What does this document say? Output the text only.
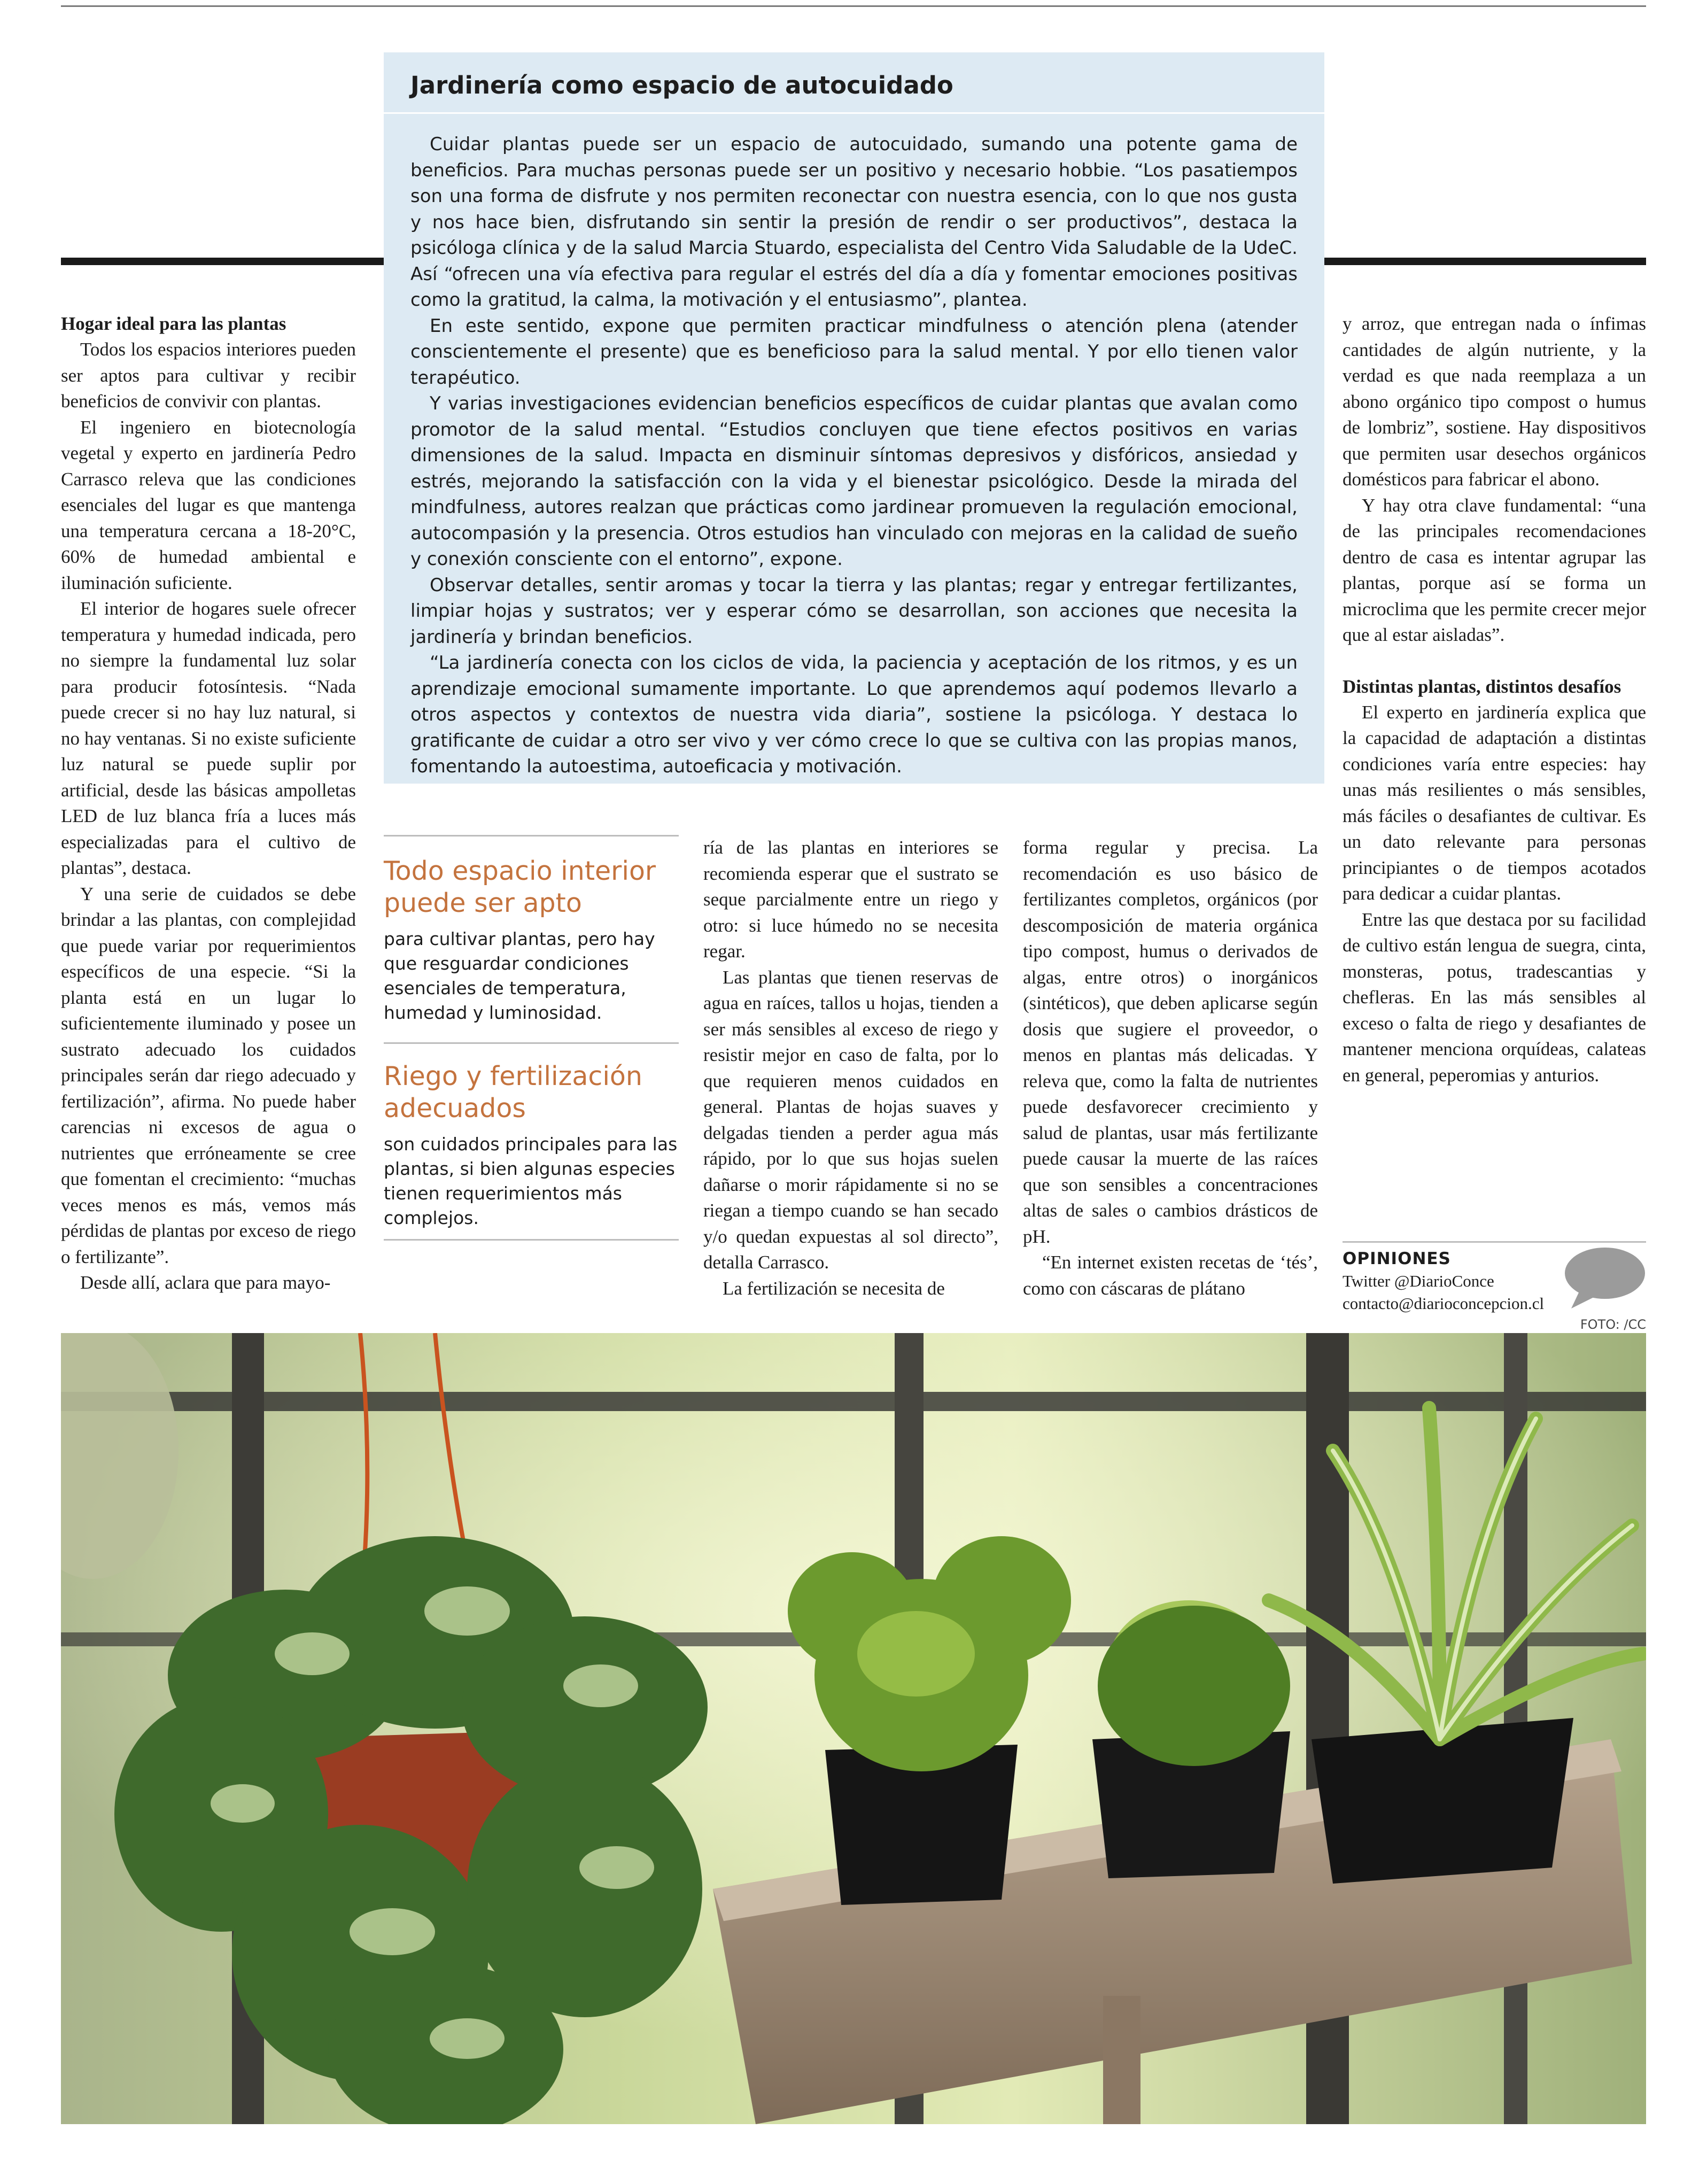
Jardinería como espacio de autocuidado

Cuidar plantas puede ser un espacio de autocuidado, sumando una potente gama de beneficios. Para muchas personas puede ser un positivo y necesario hobbie. “Los pasatiempos son una forma de disfrute y nos permiten reconectar con nuestra esencia, con lo que nos gusta y nos hace bien, disfrutando sin sentir la presión de rendir o ser productivos”, destaca la psicóloga clínica y de la salud Marcia Stuardo, especialista del Centro Vida Saludable de la UdeC. Así “ofrecen una vía efectiva para regular el estrés del día a día y fomentar emociones positivas como la gratitud, la calma, la motivación y el entusiasmo”, plantea.

En este sentido, expone que permiten practicar mindfulness o atención plena (atender conscientemente el presente) que es beneficioso para la salud mental. Y por ello tienen valor terapéutico.

Y varias investigaciones evidencian beneficios específicos de cuidar plantas que avalan como promotor de la salud mental. “Estudios concluyen que tiene efectos positivos en varias dimensiones de la salud. Impacta en disminuir síntomas depresivos y disfóricos, ansiedad y estrés, mejorando la satisfacción con la vida y el bienestar psicológico. Desde la mirada del mindfulness, autores realzan que prácticas como jardinear promueven la regulación emocional, autocompasión y la presencia. Otros estudios han vinculado con mejoras en la calidad de sueño y conexión consciente con el entorno”, expone.

Observar detalles, sentir aromas y tocar la tierra y las plantas; regar y entregar fertilizantes, limpiar hojas y sustratos; ver y esperar cómo se desarrollan, son acciones que necesita la jardinería y brindan beneficios.

“La jardinería conecta con los ciclos de vida, la paciencia y aceptación de los ritmos, y es un aprendizaje emocional sumamente importante. Lo que aprendemos aquí podemos llevarlo a otros aspectos y contextos de nuestra vida diaria”, sostiene la psicóloga. Y destaca lo gratificante de cuidar a otro ser vivo y ver cómo crece lo que se cultiva con las propias manos, fomentando la autoestima, autoeficacia y motivación.

Hogar ideal para las plantas

Todos los espacios interiores pueden ser aptos para cultivar y recibir beneficios de convivir con plantas.

El ingeniero en biotecnología vegetal y experto en jardinería Pedro Carrasco releva que las condiciones esenciales del lugar es que mantenga una temperatura cercana a 18-20°C, 60% de humedad ambiental e iluminación suficiente.

El interior de hogares suele ofrecer temperatura y humedad indicada, pero no siempre la fundamental luz solar para producir fotosíntesis. “Nada puede crecer si no hay luz natural, si no hay ventanas. Si no existe suficiente luz natural se puede suplir por artificial, desde las básicas ampolletas LED de luz blanca fría a luces más especializadas para el cultivo de plantas”, destaca.

Y una serie de cuidados se debe brindar a las plantas, con complejidad que puede variar por requerimientos específicos de una especie. “Si la planta está en un lugar lo suficientemente iluminado y posee un sustrato adecuado los cuidados principales serán dar riego adecuado y fertilización”, afirma. No puede haber carencias ni excesos de agua o nutrientes que erróneamente se cree que fomentan el crecimiento: “muchas veces menos es más, vemos más pérdidas de plantas por exceso de riego o fertilizante”.

Desde allí, aclara que para mayo-

Todo espacio interior puede ser apto
para cultivar plantas, pero hay que resguardar condiciones esenciales de temperatura, humedad y luminosidad.
Riego y fertilización adecuados
son cuidados principales para las plantas, si bien algunas especies tienen requerimientos más complejos.

ría de las plantas en interiores se recomienda esperar que el sustrato se seque parcialmente entre un riego y otro: si luce húmedo no se necesita regar.

Las plantas que tienen reservas de agua en raíces, tallos u hojas, tienden a ser más sensibles al exceso de riego y resistir mejor en caso de falta, por lo que requieren menos cuidados en general. Plantas de hojas suaves y delgadas tienden a perder agua más rápido, por lo que sus hojas suelen dañarse o morir rápidamente si no se riegan a tiempo cuando se han secado y/o quedan expuestas al sol directo”, detalla Carrasco.

La fertilización se necesita de

forma regular y precisa. La recomendación es uso básico de fertilizantes completos, orgánicos (por descomposición de materia orgánica tipo compost, humus o derivados de algas, entre otros) o inorgánicos (sintéticos), que deben aplicarse según dosis que sugiere el proveedor, o menos en plantas más delicadas. Y releva que, como la falta de nutrientes puede desfavorecer crecimiento y salud de plantas, usar más fertilizante puede causar la muerte de las raíces que son sensibles a concentraciones altas de sales o cambios drásticos de pH.

“En internet existen recetas de ‘tés’, como con cáscaras de plátano

y arroz, que entregan nada o ínfimas cantidades de algún nutriente, y la verdad es que nada reemplaza a un abono orgánico tipo compost o humus de lombriz”, sostiene. Hay dispositivos que permiten usar desechos orgánicos domésticos para fabricar el abono.

Y hay otra clave fundamental: “una de las principales recomendaciones dentro de casa es intentar agrupar las plantas, porque así se forma un microclima que les permite crecer mejor que al estar aisladas”.

Distintas plantas, distintos desafíos

El experto en jardinería explica que la capacidad de adaptación a distintas condiciones varía entre especies: hay unas más resilientes o más sensibles, más fáciles o desafiantes de cultivar. Es un dato relevante para personas principiantes o de tiempos acotados para dedicar a cuidar plantas.

Entre las que destaca por su facilidad de cultivo están lengua de suegra, cinta, monsteras, potus, tradescantias y chefleras. En las más sensibles al exceso o falta de riego y desafiantes de mantener menciona orquídeas, calateas en general, peperomias y anturios.

OPINIONES
Twitter @DiarioConce
contacto@diarioconcepcion.cl
FOTO: /CC
